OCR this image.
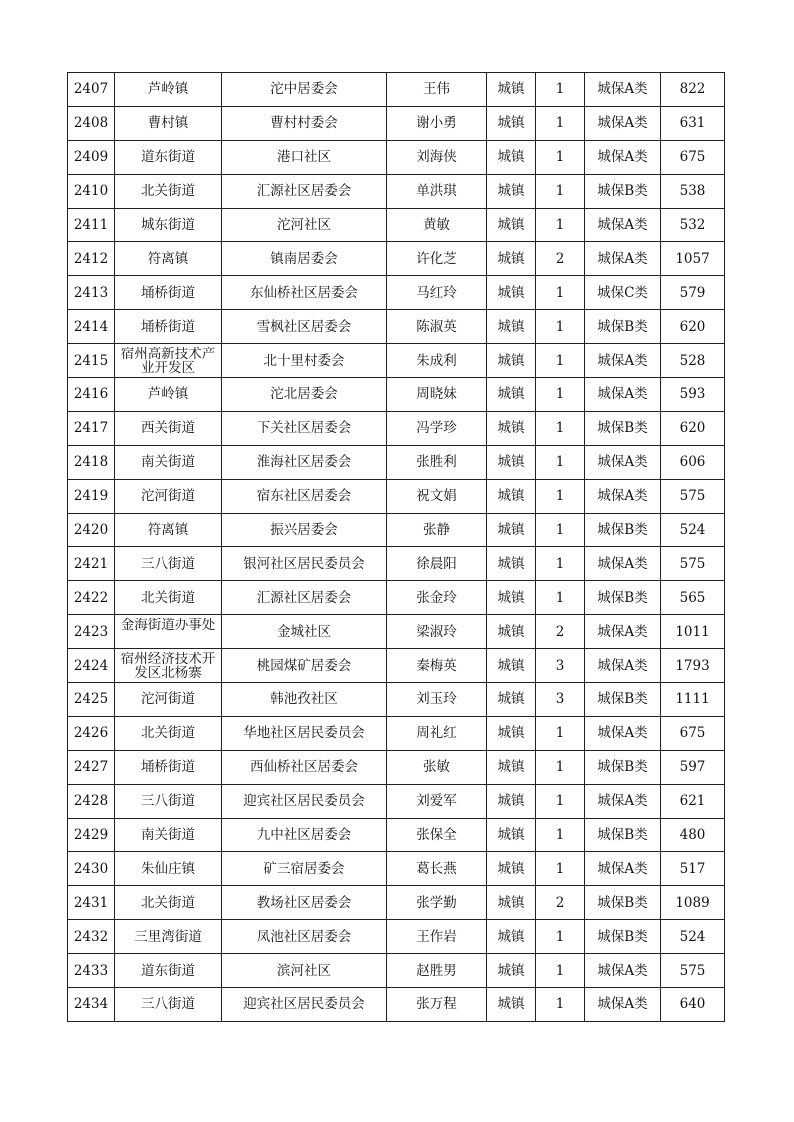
2407	芦岭镇	沱中居委会	王伟	城镇	1	城保A类	822
2408	曹村镇	曹村村委会	谢小勇	城镇	1	城保A类	631
2409	道东街道	港口社区	刘海侠	城镇	1	城保A类	675
2410	北关街道	汇源社区居委会	单洪琪	城镇	1	城保B类	538
2411	城东街道	沱河社区	黄敏	城镇	1	城保A类	532
2412	符离镇	镇南居委会	许化芝	城镇	2	城保A类	1057
2413	埇桥街道	东仙桥社区居委会	马红玲	城镇	1	城保C类	579
2414	埇桥街道	雪枫社区居委会	陈淑英	城镇	1	城保B类	620
2415	宿州高新技术产业开发区	北十里村委会	朱成利	城镇	1	城保A类	528
2416	芦岭镇	沱北居委会	周晓妹	城镇	1	城保A类	593
2417	西关街道	下关社区居委会	冯学珍	城镇	1	城保B类	620
2418	南关街道	淮海社区居委会	张胜利	城镇	1	城保A类	606
2419	沱河街道	宿东社区居委会	祝文娟	城镇	1	城保A类	575
2420	符离镇	振兴居委会	张静	城镇	1	城保B类	524
2421	三八街道	银河社区居民委员会	徐晨阳	城镇	1	城保A类	575
2422	北关街道	汇源社区居委会	张金玲	城镇	1	城保B类	565
2423	金海街道办事处	金城社区	梁淑玲	城镇	2	城保A类	1011
2424	宿州经济技术开发区北杨寨	桃园煤矿居委会	秦梅英	城镇	3	城保A类	1793
2425	沱河街道	韩池孜社区	刘玉玲	城镇	3	城保B类	1111
2426	北关街道	华地社区居民委员会	周礼红	城镇	1	城保A类	675
2427	埇桥街道	西仙桥社区居委会	张敏	城镇	1	城保B类	597
2428	三八街道	迎宾社区居民委员会	刘爱军	城镇	1	城保A类	621
2429	南关街道	九中社区居委会	张保全	城镇	1	城保B类	480
2430	朱仙庄镇	矿三宿居委会	葛长燕	城镇	1	城保A类	517
2431	北关街道	教场社区居委会	张学勤	城镇	2	城保B类	1089
2432	三里湾街道	凤池社区居委会	王作岩	城镇	1	城保B类	524
2433	道东街道	滨河社区	赵胜男	城镇	1	城保A类	575
2434	三八街道	迎宾社区居民委员会	张万程	城镇	1	城保A类	640
